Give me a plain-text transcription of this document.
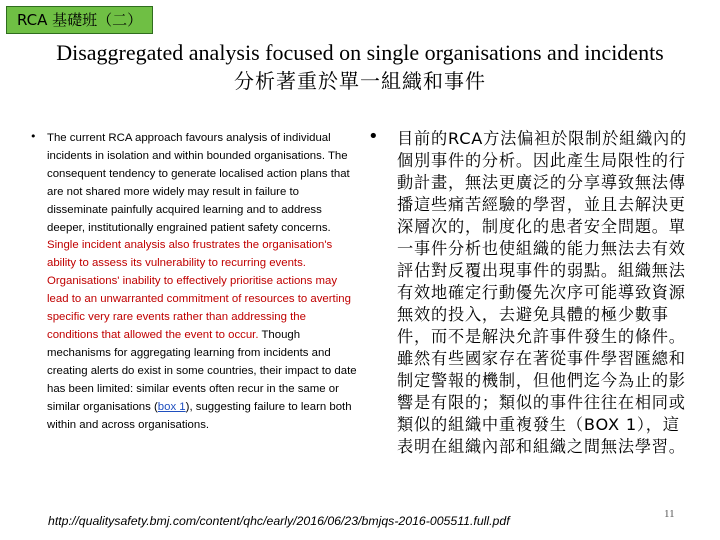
RCA 基礎班（二）
Disaggregated analysis focused on single organisations and incidents
分析著重於單一組織和事件
• The current RCA approach favours analysis of individual incidents in isolation and within bounded organisations. The consequent tendency to generate localised action plans that are not shared more widely may result in failure to disseminate painfully acquired learning and to address deeper, institutionally engrained patient safety concerns. Single incident analysis also frustrates the organisation's ability to assess its vulnerability to recurring events. Organisations' inability to effectively prioritise actions may lead to an unwarranted commitment of resources to averting specific very rare events rather than addressing the conditions that allowed the event to occur. Though mechanisms for aggregating learning from incidents and creating alerts do exist in some countries, their impact to date has been limited: similar events often recur in the same or similar organisations (box 1), suggesting failure to learn both within and across organisations.
• 目前的RCA方法偏袒於限制於組織內的個別事件的分析。因此產生局限性的行動計畫，無法更廣泛的分享導致無法傳播這些痛苦經驗的學習，並且去解決更深層次的，制度化的患者安全問題。單一事件分析也使組織的能力無法去有效評估對反覆出現事件的弱點。組織無法有效地確定行動優先次序可能導致資源無效的投入，去避免具體的極少數事件，而不是解決允許事件發生的條件。雖然有些國家存在著從事件學習匯總和制定警報的機制，但他們迄今為止的影響是有限的；類似的事件往往在相同或類似的組織中重複發生（BOX 1），這表明在組織內部和組織之間無法學習。
http://qualitysafety.bmj.com/content/qhc/early/2016/06/23/bmjqs-2016-005511.full.pdf	11
